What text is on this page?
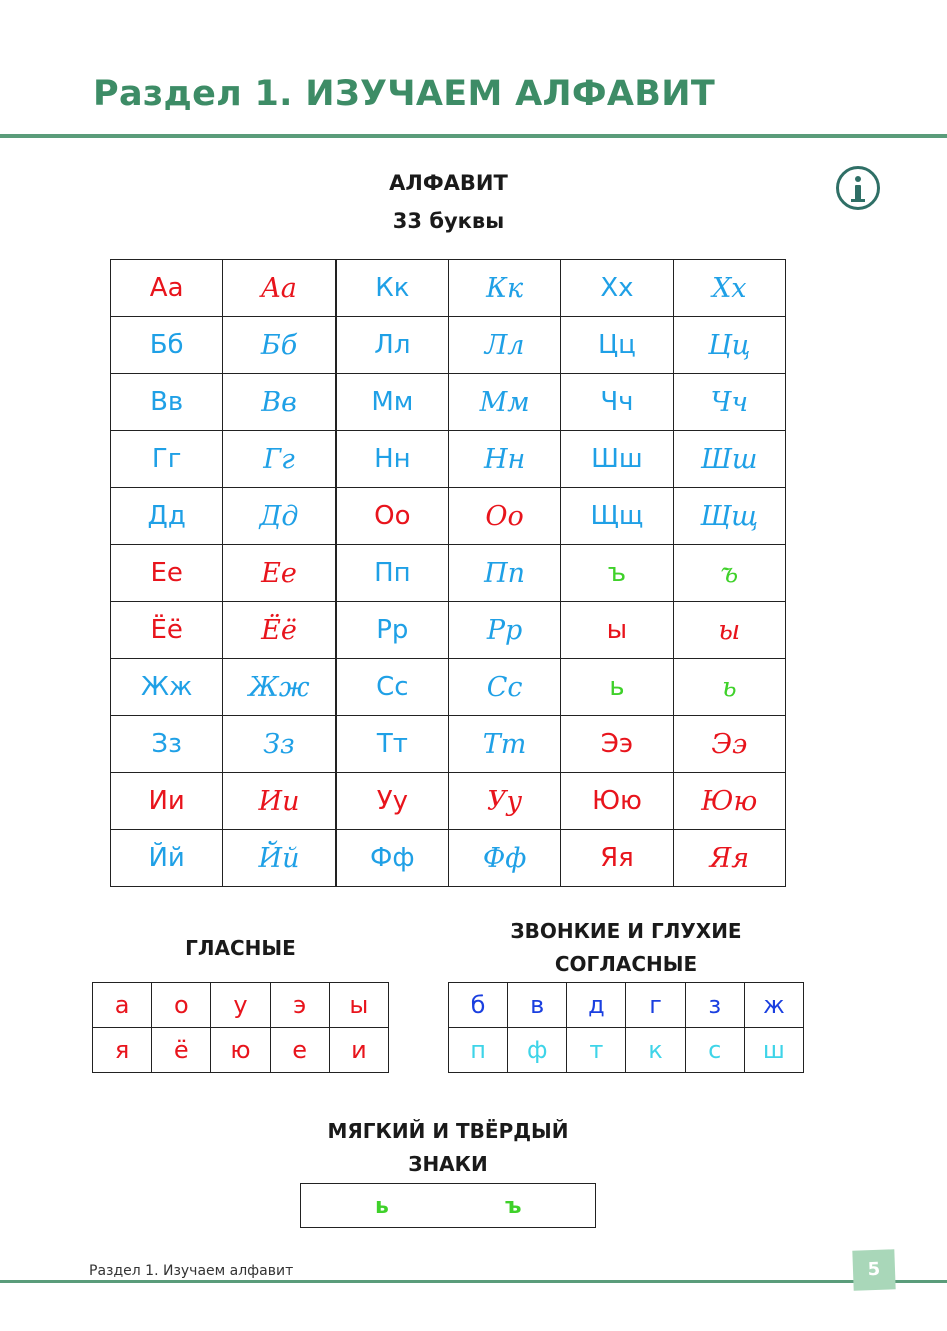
Раздел 1. ИЗУЧАЕМ АЛФАВИТ
АЛФАВИТ
33 буквы
Аа	Aa	Кк	Кк	Хх	Хх
Бб	Бб	Лл	Лл	Цц	Цц
Вв	Вв	Мм	Мм	Чч	Чч
Гг	Гг	Нн	Нн	Шш	Шш
Дд	Дд	Оо	Оо	Щщ	Щщ
Ее	Ее	Пп	Пп	ъ	ъ
Ёё	Ёё	Рр	Рр	ы	ы
Жж	Жж	Сс	Сс	ь	ь
Зз	Зз	Тт	Тт	Ээ	Ээ
Ии	Ии	Уу	Уу	Юю	Юю
Йй	Йй	Фф	Фф	Яя	Яя
ГЛАСНЫЕ
а	о	у	э	ы
я	ё	ю	е	и
ЗВОНКИЕ И ГЛУХИЕ
СОГЛАСНЫЕ
б	в	д	г	з	ж
п	ф	т	к	с	ш
МЯГКИЙ И ТВЁРДЫЙ
ЗНАКИ
ь	ъ
Раздел 1. Изучаем алфавит	5
